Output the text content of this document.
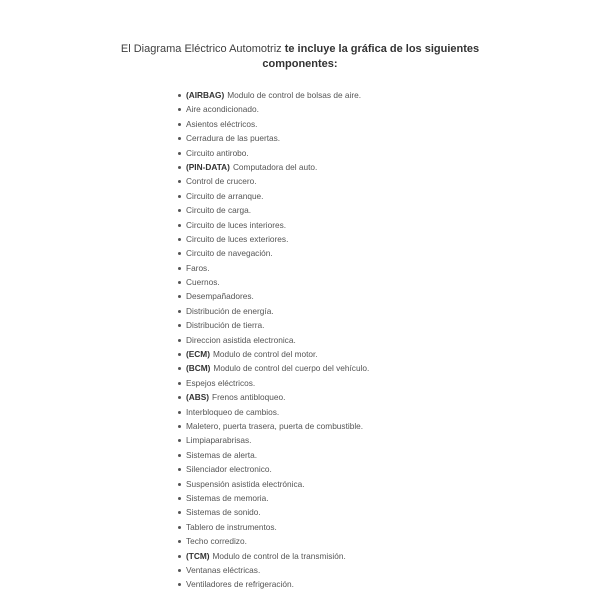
El Diagrama Eléctrico Automotriz te incluye la gráfica de los siguientes
componentes:
(AIRBAG) Modulo de control de bolsas de aire.
Aire acondicionado.
Asientos eléctricos.
Cerradura de las puertas.
Circuito antirobo.
(PIN-DATA) Computadora del auto.
Control de crucero.
Circuito de arranque.
Circuito de carga.
Circuito de luces interiores.
Circuito de luces exteriores.
Circuito de navegación.
Faros.
Cuernos.
Desempañadores.
Distribución de energía.
Distribución de tierra.
Direccion asistida electronica.
(ECM) Modulo de control del motor.
(BCM) Modulo de control del cuerpo del vehículo.
Espejos eléctricos.
(ABS) Frenos antibloqueo.
Interbloqueo de cambios.
Maletero, puerta trasera, puerta de combustible.
Limpiaparabrisas.
Sistemas de alerta.
Silenciador electronico.
Suspensión asistida electrónica.
Sistemas de memoria.
Sistemas de sonido.
Tablero de instrumentos.
Techo corredizo.
(TCM) Modulo de control de la transmisión.
Ventanas eléctricas.
Ventiladores de refrigeración.
